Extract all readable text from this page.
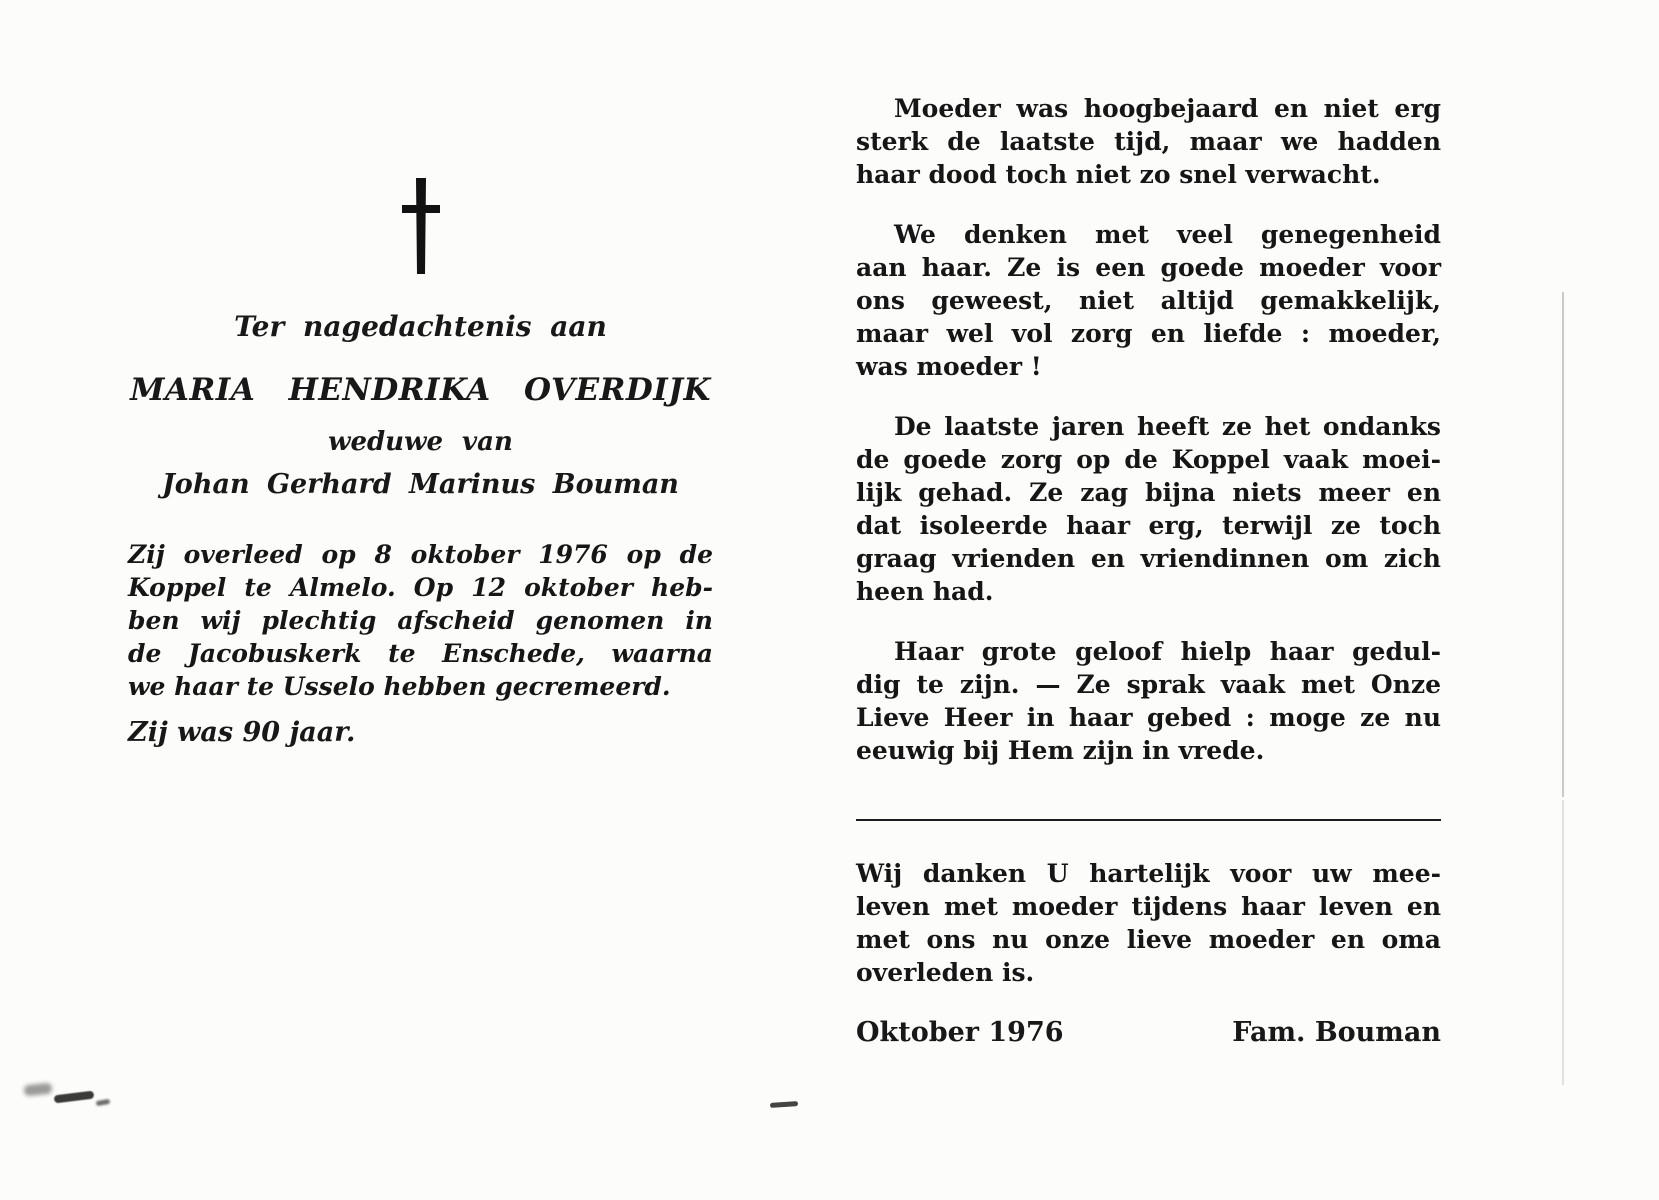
Ter nagedachtenis aan
MARIA HENDRIKA OVERDIJK
weduwe van
Johan Gerhard Marinus Bouman
Zij overleed op 8 oktober 1976 op de
Koppel te Almelo. Op 12 oktober heb-
ben wij plechtig afscheid genomen in
de Jacobuskerk te Enschede, waarna
we haar te Usselo hebben gecremeerd.
Zij was 90 jaar.
Moeder was hoogbejaard en niet erg
sterk de laatste tijd, maar we hadden
haar dood toch niet zo snel verwacht.
We denken met veel genegenheid
aan haar. Ze is een goede moeder voor
ons geweest, niet altijd gemakkelijk,
maar wel vol zorg en liefde : moeder,
was moeder !
De laatste jaren heeft ze het ondanks
de goede zorg op de Koppel vaak moei-
lijk gehad. Ze zag bijna niets meer en
dat isoleerde haar erg, terwijl ze toch
graag vrienden en vriendinnen om zich
heen had.
Haar grote geloof hielp haar gedul-
dig te zijn. — Ze sprak vaak met Onze
Lieve Heer in haar gebed : moge ze nu
eeuwig bij Hem zijn in vrede.
Wij danken U hartelijk voor uw mee-
leven met moeder tijdens haar leven en
met ons nu onze lieve moeder en oma
overleden is.
Oktober 1976	Fam. Bouman
